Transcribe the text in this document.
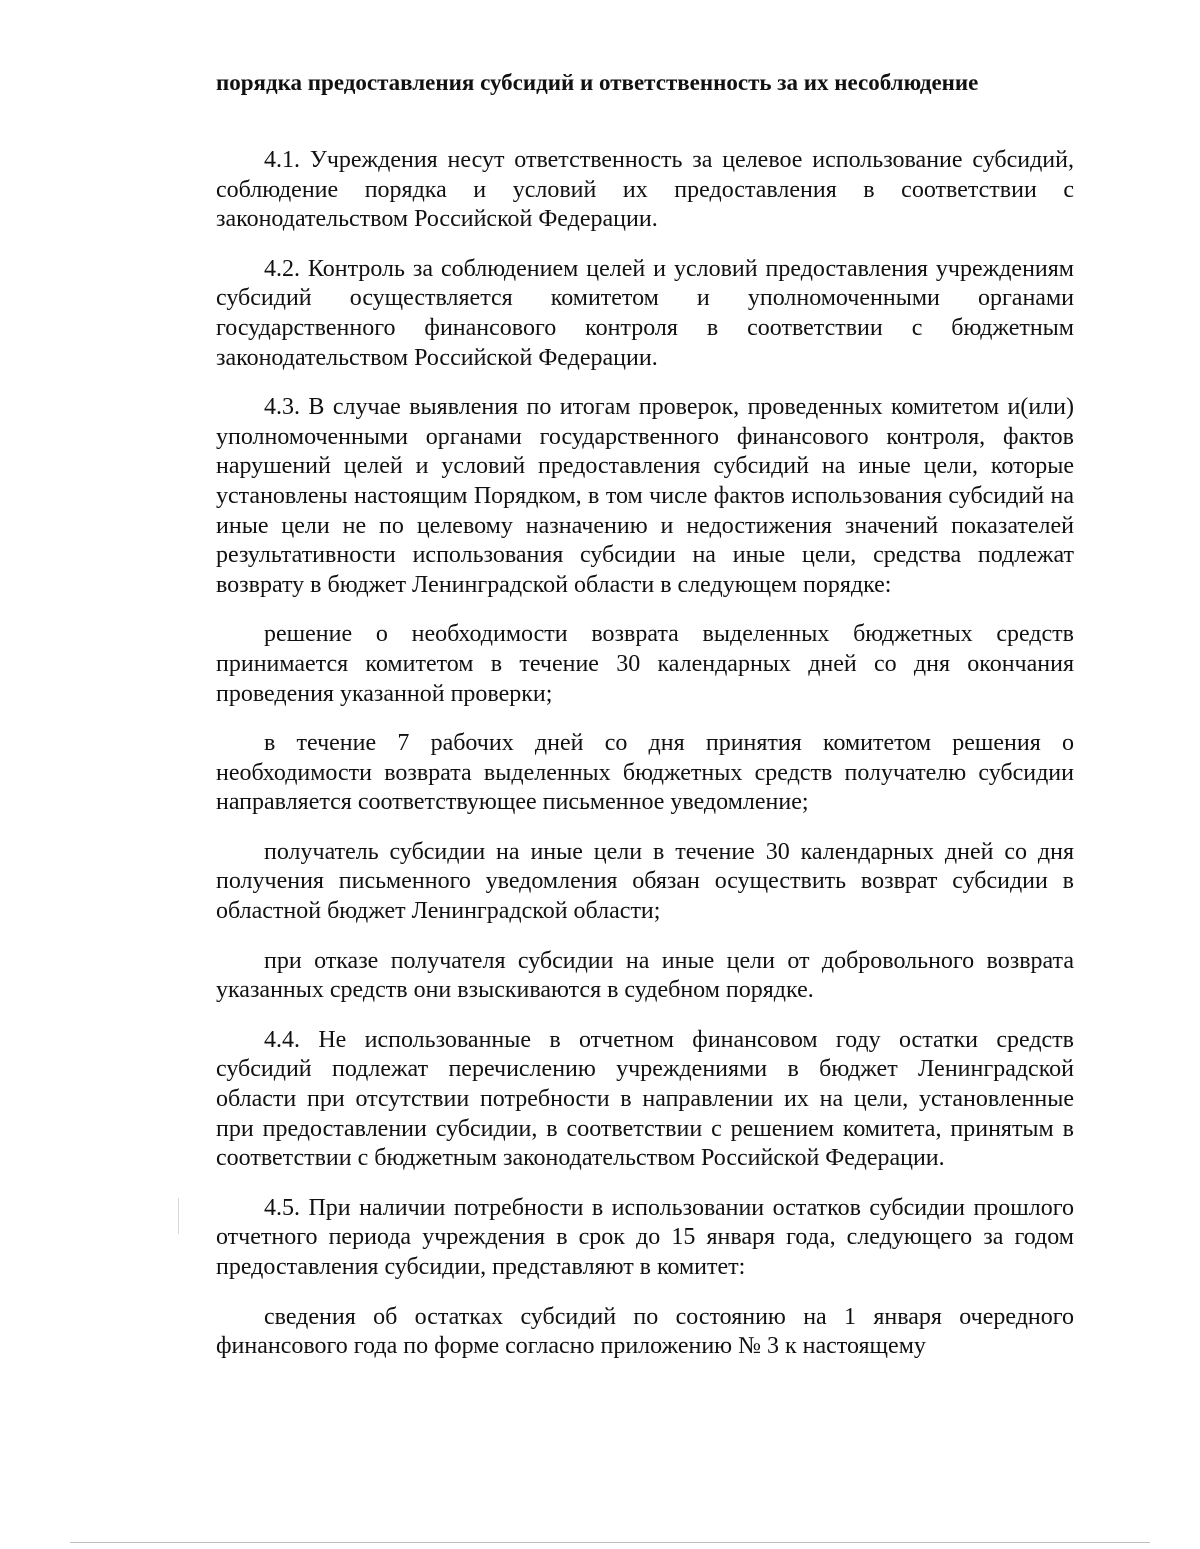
порядка предоставления субсидий и ответственность за их несоблюдение

4.1. Учреждения несут ответственность за целевое использование субсидий, соблюдение порядка и условий их предоставления в соответствии с законодательством Российской Федерации.

4.2. Контроль за соблюдением целей и условий предоставления учреждениям субсидий осуществляется комитетом и уполномоченными органами государственного финансового контроля в соответствии с бюджетным законодательством Российской Федерации.

4.3. В случае выявления по итогам проверок, проведенных комитетом и(или) уполномоченными органами государственного финансового контроля, фактов нарушений целей и условий предоставления субсидий на иные цели, которые установлены настоящим Порядком, в том числе фактов использования субсидий на иные цели не по целевому назначению и недостижения значений показателей результативности использования субсидии на иные цели, средства подлежат возврату в бюджет Ленинградской области в следующем порядке:

решение о необходимости возврата выделенных бюджетных средств принимается комитетом в течение 30 календарных дней со дня окончания проведения указанной проверки;

в течение 7 рабочих дней со дня принятия комитетом решения о необходимости возврата выделенных бюджетных средств получателю субсидии направляется соответствующее письменное уведомление;

получатель субсидии на иные цели в течение 30 календарных дней со дня получения письменного уведомления обязан осуществить возврат субсидии в областной бюджет Ленинградской области;

при отказе получателя субсидии на иные цели от добровольного возврата указанных средств они взыскиваются в судебном порядке.

4.4. Не использованные в отчетном финансовом году остатки средств субсидий подлежат перечислению учреждениями в бюджет Ленинградской области при отсутствии потребности в направлении их на цели, установленные при предоставлении субсидии, в соответствии с решением комитета, принятым в соответствии с бюджетным законодательством Российской Федерации.

4.5. При наличии потребности в использовании остатков субсидии прошлого отчетного периода учреждения в срок до 15 января года, следующего за годом предоставления субсидии, представляют в комитет:

сведения об остатках субсидий по состоянию на 1 января очередного финансового года по форме согласно приложению № 3 к настоящему
